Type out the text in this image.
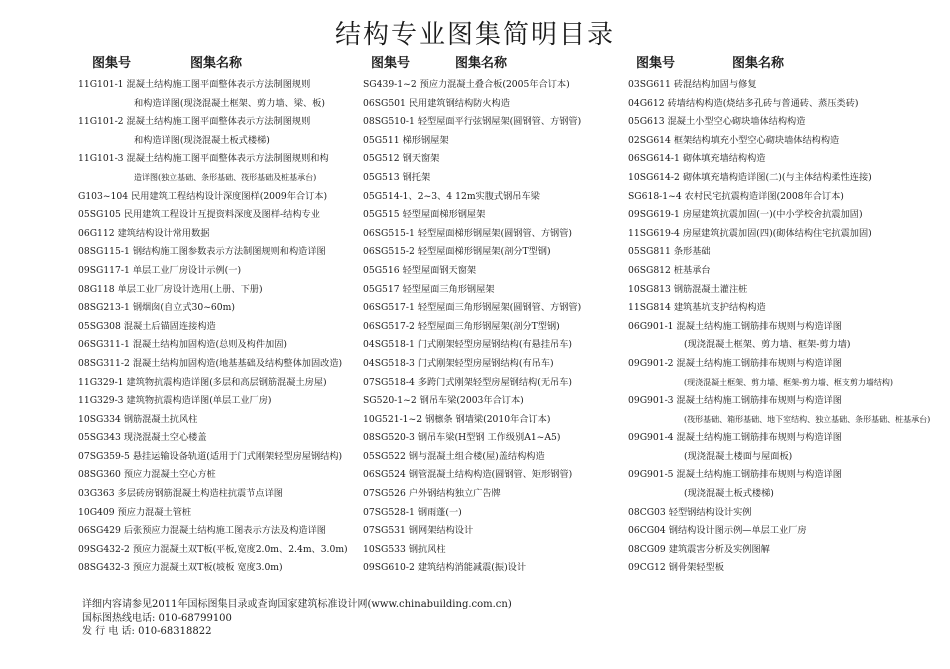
结构专业图集简明目录
图集号	图集名称
11G101-1 混凝土结构施工图平面整体表示方法制图规则
和构造详图(现浇混凝土框架、剪力墙、梁、板)
11G101-2 混凝土结构施工图平面整体表示方法制图规则
和构造详图(现浇混凝土板式楼梯)
11G101-3 混凝土结构施工图平面整体表示方法制图规则和构
造详图(独立基础、条形基础、筏形基础及桩基承台)
G103~104 民用建筑工程结构设计深度图样(2009年合订本)
05SG105 民用建筑工程设计互提资料深度及图样-结构专业
06G112 建筑结构设计常用数据
08SG115-1 钢结构施工图参数表示方法制图规则和构造详图
09SG117-1 单层工业厂房设计示例(一)
08G118 单层工业厂房设计选用(上册、下册)
08SG213-1 钢烟囱(自立式30~60m)
05SG308 混凝土后锚固连接构造
06SG311-1 混凝土结构加固构造(总则及构件加固)
08SG311-2 混凝土结构加固构造(地基基础及结构整体加固改造)
11G329-1 建筑物抗震构造详图(多层和高层钢筋混凝土房屋)
11G329-3 建筑物抗震构造详图(单层工业厂房)
10SG334 钢筋混凝土抗风柱
05SG343 现浇混凝土空心楼盖
07SG359-5 悬挂运输设备轨道(适用于门式刚架轻型房屋钢结构)
08SG360 预应力混凝土空心方桩
03G363 多层砖房钢筋混凝土构造柱抗震节点详图
10G409 预应力混凝土管桩
06SG429 后张预应力混凝土结构施工图表示方法及构造详图
09SG432-2 预应力混凝土双T板(平板,宽度2.0m、2.4m、3.0m)
08SG432-3 预应力混凝土双T板(坡板 宽度3.0m)
图集号	图集名称
SG439-1~2 预应力混凝土叠合板(2005年合订本)
06SG501 民用建筑钢结构防火构造
08SG510-1 轻型屋面平行弦钢屋架(圆钢管、方钢管)
05G511 梯形钢屋架
05G512 钢天窗架
05G513 钢托架
05G514-1、2~3、4 12m实腹式钢吊车梁
05G515 轻型屋面梯形钢屋架
06SG515-1 轻型屋面梯形钢屋架(圆钢管、方钢管)
06SG515-2 轻型屋面梯形钢屋架(剖分T型钢)
05G516 轻型屋面钢天窗架
05G517 轻型屋面三角形钢屋架
06SG517-1 轻型屋面三角形钢屋架(圆钢管、方钢管)
06SG517-2 轻型屋面三角形钢屋架(剖分T型钢)
04SG518-1 门式刚架轻型房屋钢结构(有悬挂吊车)
04SG518-3 门式刚架轻型房屋钢结构(有吊车)
07SG518-4 多跨门式刚架轻型房屋钢结构(无吊车)
SG520-1~2 钢吊车梁(2003年合订本)
10G521-1~2 钢檩条 钢墙梁(2010年合订本)
08SG520-3 钢吊车梁(H型钢 工作级别A1~A5)
05SG522 钢与混凝土组合楼(屋)盖结构构造
06SG524 钢管混凝土结构构造(圆钢管、矩形钢管)
07SG526 户外钢结构独立广告牌
07SG528-1 钢雨蓬(一)
07SG531 钢网架结构设计
10SG533 钢抗风柱
09SG610-2 建筑结构消能减震(振)设计
图集号	图集名称
03SG611 砖混结构加固与修复
04G612 砖墙结构构造(烧结多孔砖与普通砖、蒸压类砖)
05G613 混凝土小型空心砌块墙体结构构造
02SG614 框架结构填充小型空心砌块墙体结构构造
06SG614-1 砌体填充墙结构构造
10SG614-2 砌体填充墙构造详图(二)(与主体结构柔性连接)
SG618-1~4 农村民宅抗震构造详图(2008年合订本)
09SG619-1 房屋建筑抗震加固(一)(中小学校舍抗震加固)
11SG619-4 房屋建筑抗震加固(四)(砌体结构住宅抗震加固)
05SG811 条形基础
06SG812 桩基承台
10SG813 钢筋混凝土灌注桩
11SG814 建筑基坑支护结构构造
06G901-1 混凝土结构施工钢筋排布规则与构造详图
(现浇混凝土框架、剪力墙、框架-剪力墙)
09G901-2 混凝土结构施工钢筋排布规则与构造详图
(现浇混凝土框架、剪力墙、框架-剪力墙、框支剪力墙结构)
09G901-3 混凝土结构施工钢筋排布规则与构造详图
(筏形基础、箱形基础、地下室结构、独立基础、条形基础、桩基承台)
09G901-4 混凝土结构施工钢筋排布规则与构造详图
(现浇混凝土楼面与屋面板)
09G901-5 混凝土结构施工钢筋排布规则与构造详图
(现浇混凝土板式楼梯)
08CG03 轻型钢结构设计实例
06CG04 钢结构设计图示例—单层工业厂房
08CG09 建筑震害分析及实例图解
09CG12 钢骨架轻型板
详细内容请参见2011年国标图集目录或查询国家建筑标准设计网(www.chinabuilding.com.cn)
国标图热线电话: 010-68799100
发 行 电 话: 010-68318822
